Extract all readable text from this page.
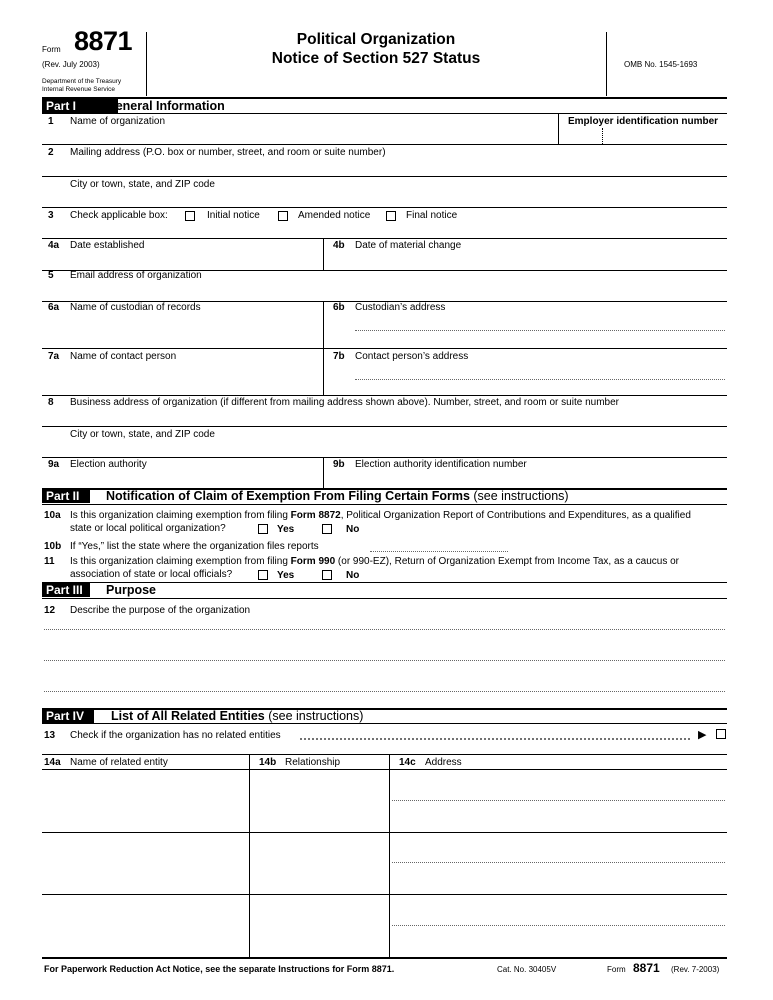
Form 8871
(Rev. July 2003)
Department of the Treasury
Internal Revenue Service
Political Organization
Notice of Section 527 Status	OMB No. 1545-1693
Part I	General Information
1 Name of organization	Employer identification number
2 Mailing address (P.O. box or number, street, and room or suite number)
City or town, state, and ZIP code
3 Check applicable box:	Initial notice	Amended notice	Final notice
4a Date established	4b Date of material change
5 Email address of organization
6a Name of custodian of records	6b Custodian’s address
7a Name of contact person	7b Contact person’s address
8 Business address of organization (if different from mailing address shown above). Number, street, and room or suite number
City or town, state, and ZIP code
9a Election authority	9b Election authority identification number
Part II	Notification of Claim of Exemption From Filing Certain Forms (see instructions)
10a Is this organization claiming exemption from filing Form 8872, Political Organization Report of Contributions and Expenditures, as a qualified
state or local political organization?	Yes	No
10b If “Yes,” list the state where the organization files reports
11 Is this organization claiming exemption from filing Form 990 (or 990-EZ), Return of Organization Exempt from Income Tax, as a caucus or
association of state or local officials?	Yes	No
Part III	Purpose
12 Describe the purpose of the organization
Part IV	List of All Related Entities (see instructions)
13 Check if the organization has no related entities	▶
14a Name of related entity	14b Relationship	14c Address
For Paperwork Reduction Act Notice, see the separate Instructions for Form 8871.	Cat. No. 30405V	Form 8871 (Rev. 7-2003)
